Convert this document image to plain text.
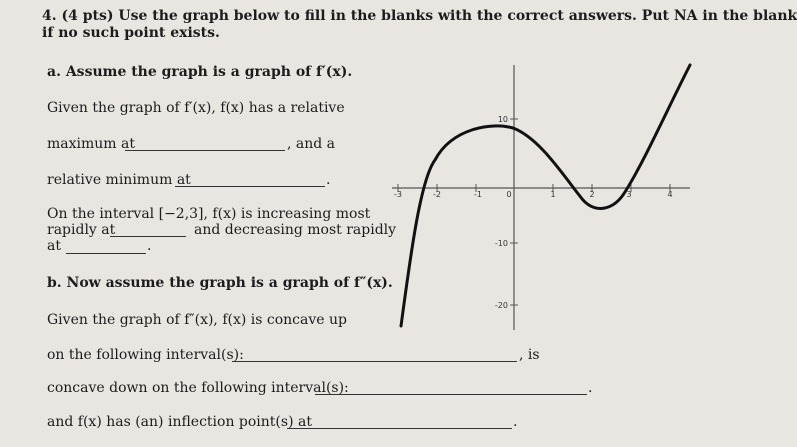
4. (4 pts) Use the graph below to fill in the blanks with the correct answers. Put NA in the blank
if no such point exists.
a. Assume the graph is a graph of f′(x).
Given the graph of f′(x), f(x) has a relative
maximum at	, and a
relative minimum at	.
On the interval [−2,3], f(x) is increasing most
rapidly at	and decreasing most rapidly
at	.
b. Now assume the graph is a graph of f″(x).
Given the graph of f″(x), f(x) is concave up
on the following interval(s):	, is
concave down on the following interval(s):	.
and f(x) has (an) inflection point(s) at	.
-3	-2	-1	0	1	2	3	4
10
-10
-20
